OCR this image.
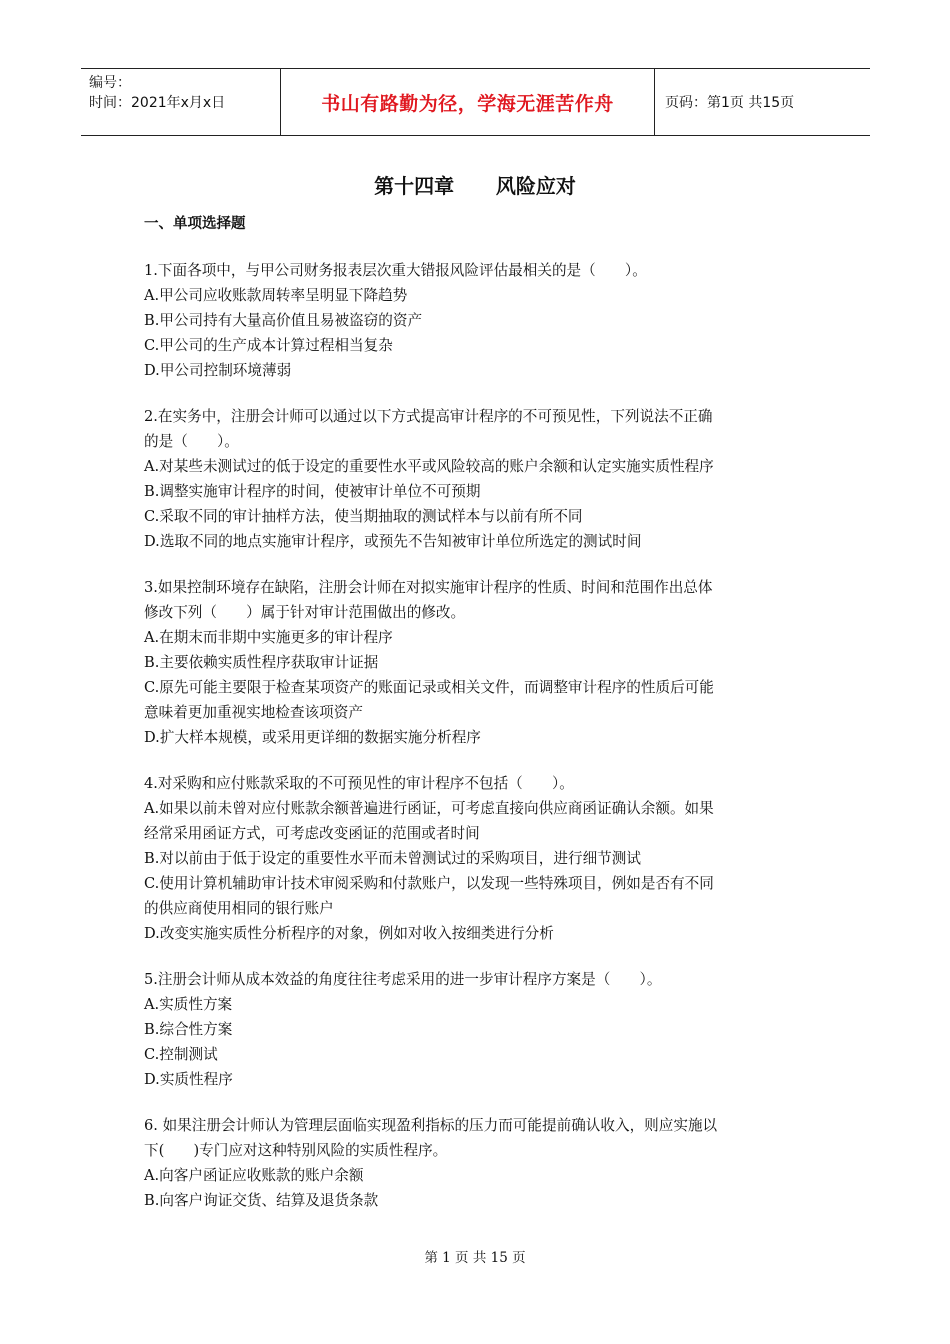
编号：
时间：2021年x月x日	书山有路勤为径，学海无涯苦作舟	页码：第1页 共15页
第十四章      风险应对
一、单项选择题
1.下面各项中，与甲公司财务报表层次重大错报风险评估最相关的是（　　）。
A.甲公司应收账款周转率呈明显下降趋势
B.甲公司持有大量高价值且易被盗窃的资产
C.甲公司的生产成本计算过程相当复杂
D.甲公司控制环境薄弱
2.在实务中，注册会计师可以通过以下方式提高审计程序的不可预见性，下列说法不正确
的是（　　）。
A.对某些未测试过的低于设定的重要性水平或风险较高的账户余额和认定实施实质性程序
B.调整实施审计程序的时间，使被审计单位不可预期
C.采取不同的审计抽样方法，使当期抽取的测试样本与以前有所不同
D.选取不同的地点实施审计程序，或预先不告知被审计单位所选定的测试时间
3.如果控制环境存在缺陷，注册会计师在对拟实施审计程序的性质、时间和范围作出总体
修改下列（　　）属于针对审计范围做出的修改。
A.在期末而非期中实施更多的审计程序
B.主要依赖实质性程序获取审计证据
C.原先可能主要限于检查某项资产的账面记录或相关文件，而调整审计程序的性质后可能
意味着更加重视实地检查该项资产
D.扩大样本规模，或采用更详细的数据实施分析程序
4.对采购和应付账款采取的不可预见性的审计程序不包括（　　）。
A.如果以前未曾对应付账款余额普遍进行函证，可考虑直接向供应商函证确认余额。如果
经常采用函证方式，可考虑改变函证的范围或者时间
B.对以前由于低于设定的重要性水平而未曾测试过的采购项目，进行细节测试
C.使用计算机辅助审计技术审阅采购和付款账户，以发现一些特殊项目，例如是否有不同
的供应商使用相同的银行账户
D.改变实施实质性分析程序的对象，例如对收入按细类进行分析
5.注册会计师从成本效益的角度往往考虑采用的进一步审计程序方案是（　　）。
A.实质性方案
B.综合性方案
C.控制测试
D.实质性程序
6. 如果注册会计师认为管理层面临实现盈利指标的压力而可能提前确认收入，则应实施以
下(　　)专门应对这种特别风险的实质性程序。
A.向客户函证应收账款的账户余额
B.向客户询证交货、结算及退货条款
第 1 页 共 15 页
